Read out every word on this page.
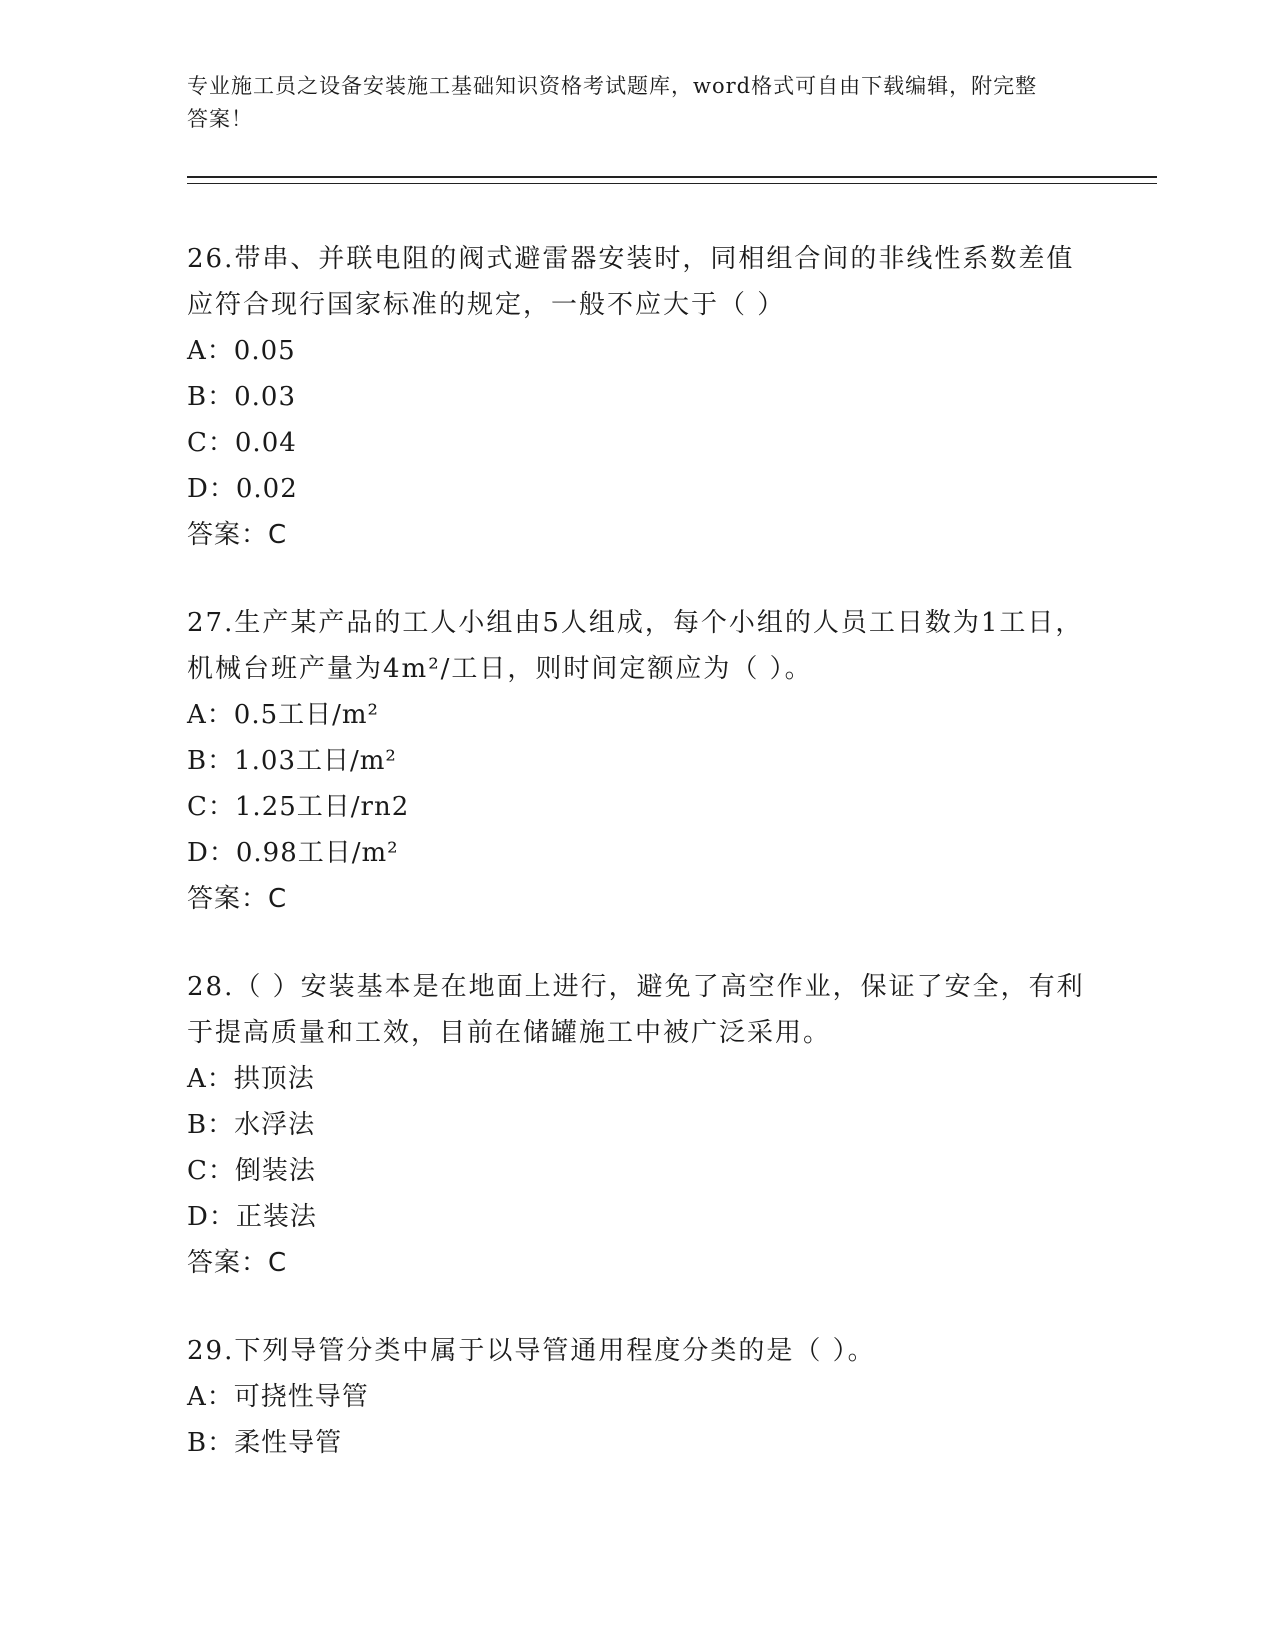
专业施工员之设备安装施工基础知识资格考试题库，word格式可自由下载编辑，附完整答案！
26.带串、并联电阻的阀式避雷器安装时，同相组合间的非线性系数差值应符合现行国家标准的规定，一般不应大于（ ）
A：0.05
B：0.03
C：0.04
D：0.02
答案：C
27.生产某产品的工人小组由5人组成，每个小组的人员工日数为1工日，机械台班产量为4m²/工日，则时间定额应为（ ）。
A：0.5工日/m²
B：1.03工日/m²
C：1.25工日/rn2
D：0.98工日/m²
答案：C
28.（ ）安装基本是在地面上进行，避免了高空作业，保证了安全，有利于提高质量和工效，目前在储罐施工中被广泛采用。
A：拱顶法
B：水浮法
C：倒装法
D：正装法
答案：C
29.下列导管分类中属于以导管通用程度分类的是（ ）。
A：可挠性导管
B：柔性导管
